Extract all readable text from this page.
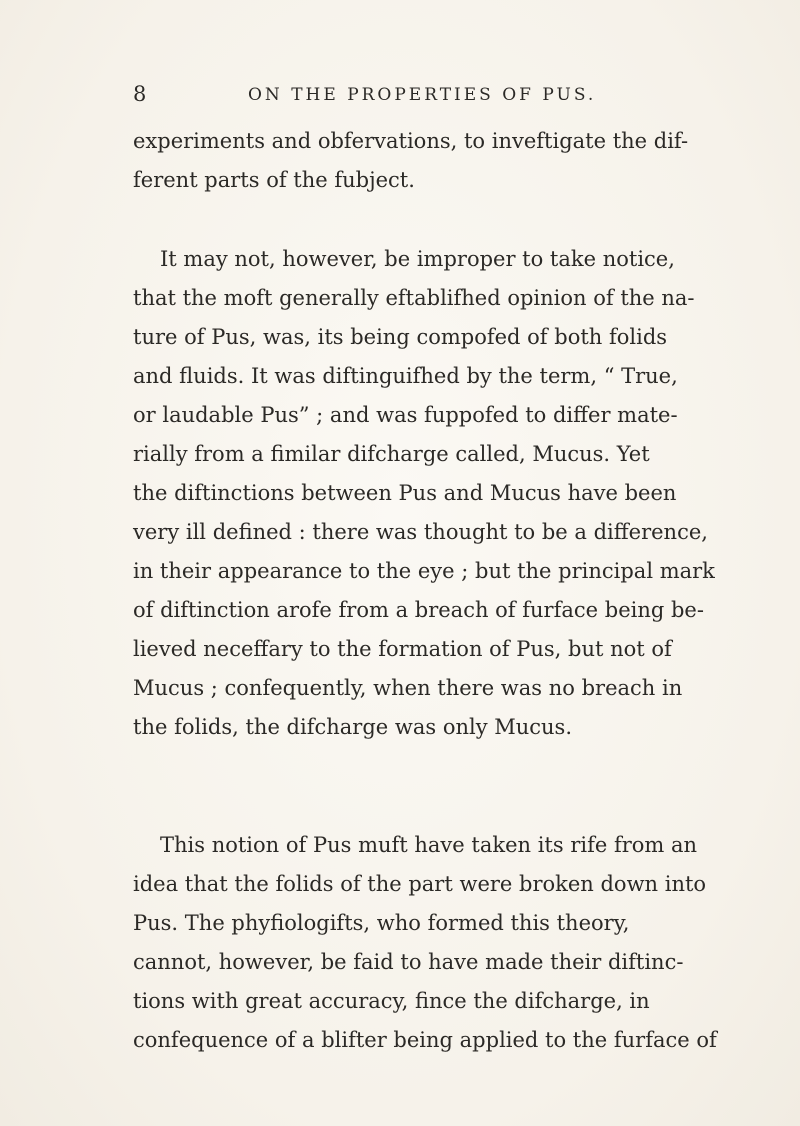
8	ON THE PROPERTIES OF PUS.

experiments and obfervations, to inveftigate the dif-
ferent parts of the fubject.

It may not, however, be improper to take notice,
that the moft generally eftablifhed opinion of the na-
ture of Pus, was, its being compofed of both folids
and fluids. It was diftinguifhed by the term, “ True,
or laudable Pus” ; and was fuppofed to differ mate-
rially from a fimilar difcharge called, Mucus. Yet
the diftinctions between Pus and Mucus have been
very ill defined : there was thought to be a difference,
in their appearance to the eye ; but the principal mark
of diftinction arofe from a breach of furface being be-
lieved neceffary to the formation of Pus, but not of
Mucus ; confequently, when there was no breach in
the folids, the difcharge was only Mucus.

This notion of Pus muft have taken its rife from an
idea that the folids of the part were broken down into
Pus. The phyfiologifts, who formed this theory,
cannot, however, be faid to have made their diftinc-
tions with great accuracy, fince the difcharge, in
confequence of a blifter being applied to the furface of
